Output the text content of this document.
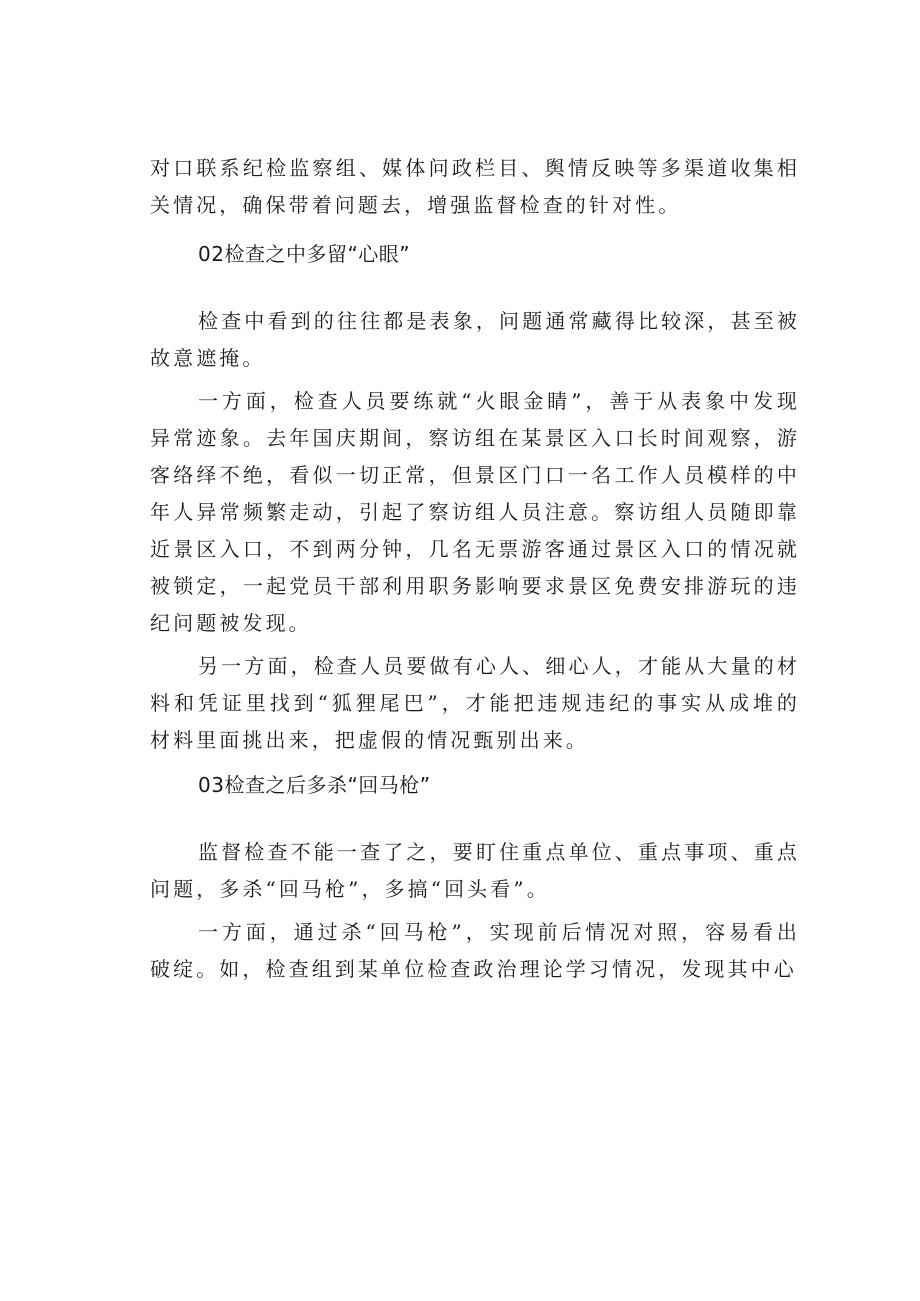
对口联系纪检监察组、媒体问政栏目、舆情反映等多渠道收集相关情况，确保带着问题去，增强监督检查的针对性。

02检查之中多留“心眼”

检查中看到的往往都是表象，问题通常藏得比较深，甚至被故意遮掩。

一方面，检查人员要练就“火眼金睛”，善于从表象中发现异常迹象。去年国庆期间，察访组在某景区入口长时间观察，游客络绎不绝，看似一切正常，但景区门口一名工作人员模样的中年人异常频繁走动，引起了察访组人员注意。察访组人员随即靠近景区入口，不到两分钟，几名无票游客通过景区入口的情况就被锁定，一起党员干部利用职务影响要求景区免费安排游玩的违纪问题被发现。

另一方面，检查人员要做有心人、细心人，才能从大量的材料和凭证里找到“狐狸尾巴”，才能把违规违纪的事实从成堆的材料里面挑出来，把虚假的情况甄别出来。

03检查之后多杀“回马枪”

监督检查不能一查了之，要盯住重点单位、重点事项、重点问题，多杀“回马枪”，多搞“回头看”。

一方面，通过杀“回马枪”，实现前后情况对照，容易看出破绽。如，检查组到某单位检查政治理论学习情况，发现其中心
